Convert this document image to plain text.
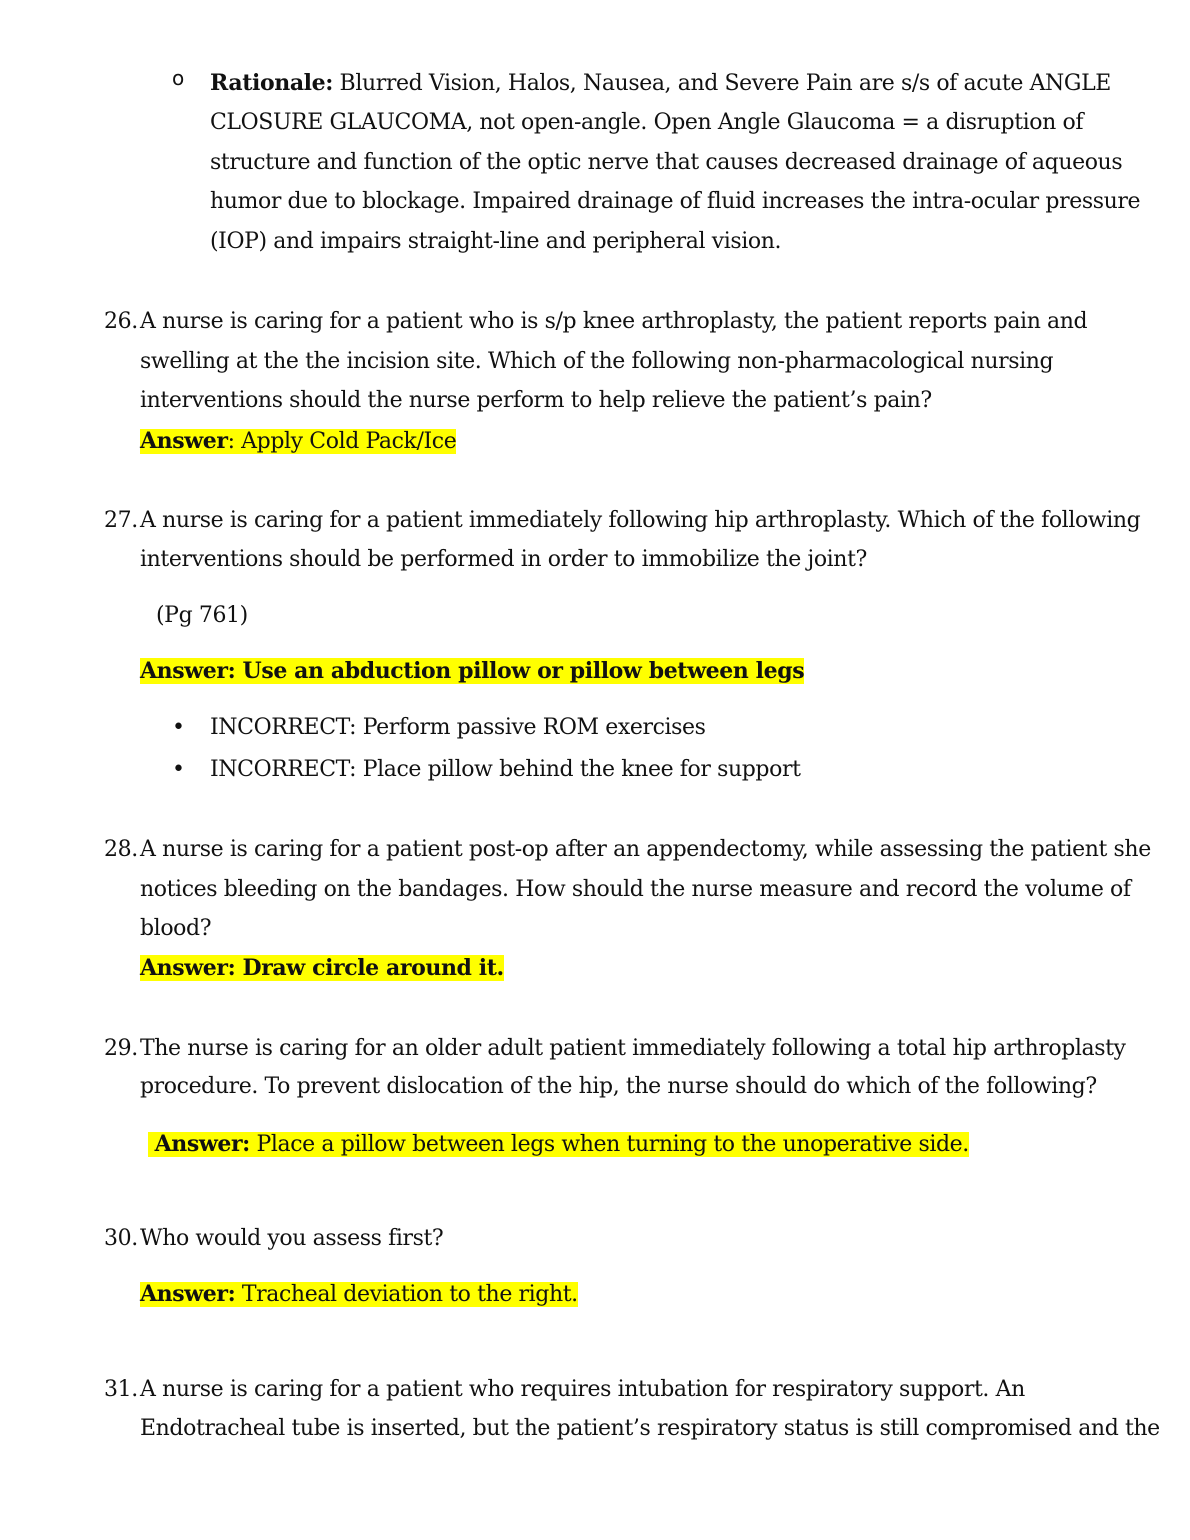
o Rationale: Blurred Vision, Halos, Nausea, and Severe Pain are s/s of acute ANGLE
CLOSURE GLAUCOMA, not open-angle. Open Angle Glaucoma = a disruption of
structure and function of the optic nerve that causes decreased drainage of aqueous
humor due to blockage. Impaired drainage of fluid increases the intra-ocular pressure
(IOP) and impairs straight-line and peripheral vision.
26. A nurse is caring for a patient who is s/p knee arthroplasty, the patient reports pain and
swelling at the the incision site. Which of the following non-pharmacological nursing
interventions should the nurse perform to help relieve the patient’s pain?
Answer: Apply Cold Pack/Ice
27. A nurse is caring for a patient immediately following hip arthroplasty. Which of the following
interventions should be performed in order to immobilize the joint?
(Pg 761)
Answer: Use an abduction pillow or pillow between legs
• INCORRECT: Perform passive ROM exercises
• INCORRECT: Place pillow behind the knee for support
28. A nurse is caring for a patient post-op after an appendectomy, while assessing the patient she
notices bleeding on the bandages. How should the nurse measure and record the volume of
blood?
Answer: Draw circle around it.
29. The nurse is caring for an older adult patient immediately following a total hip arthroplasty
procedure. To prevent dislocation of the hip, the nurse should do which of the following?
Answer: Place a pillow between legs when turning to the unoperative side.
30. Who would you assess first?
Answer: Tracheal deviation to the right.
31. A nurse is caring for a patient who requires intubation for respiratory support. An
Endotracheal tube is inserted, but the patient’s respiratory status is still compromised and the
